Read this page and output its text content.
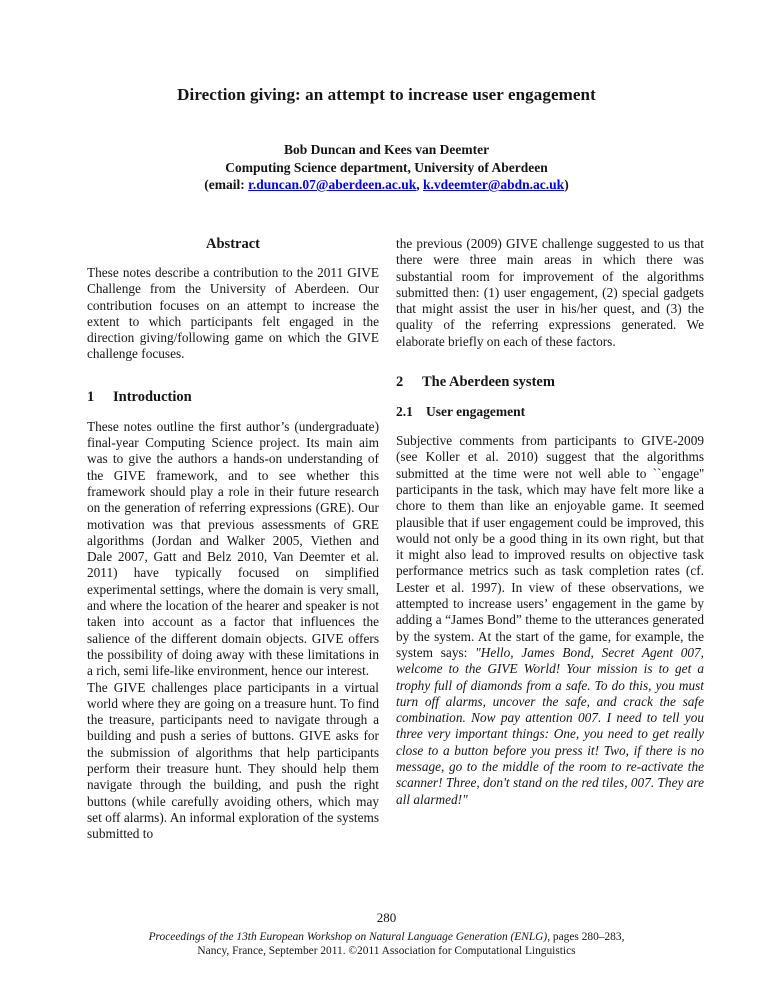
Direction giving: an attempt to increase user engagement
Bob Duncan and Kees van Deemter
Computing Science department, University of Aberdeen
(email: r.duncan.07@aberdeen.ac.uk, k.vdeemter@abdn.ac.uk)
Abstract

These notes describe a contribution to the 2011 GIVE Challenge from the University of Aberdeen. Our contribution focuses on an attempt to increase the extent to which participants felt engaged in the direction giving/following game on which the GIVE challenge focuses.

1 Introduction

These notes outline the first author’s (undergraduate) final-year Computing Science project. Its main aim was to give the authors a hands-on understanding of the GIVE framework, and to see whether this framework should play a role in their future research on the generation of referring expressions (GRE). Our motivation was that previous assessments of GRE algorithms (Jordan and Walker 2005, Viethen and Dale 2007, Gatt and Belz 2010, Van Deemter et al. 2011) have typically focused on simplified experimental settings, where the domain is very small, and where the location of the hearer and speaker is not taken into account as a factor that influences the salience of the different domain objects. GIVE offers the possibility of doing away with these limitations in a rich, semi life-like environment, hence our interest.

The GIVE challenges place participants in a virtual world where they are going on a treasure hunt. To find the treasure, participants need to navigate through a building and push a series of buttons. GIVE asks for the submission of algorithms that help participants perform their treasure hunt. They should help them navigate through the building, and push the right buttons (while carefully avoiding others, which may set off alarms). An informal exploration of the systems submitted to

the previous (2009) GIVE challenge suggested to us that there were three main areas in which there was substantial room for improvement of the algorithms submitted then: (1) user engagement, (2) special gadgets that might assist the user in his/her quest, and (3) the quality of the referring expressions generated. We elaborate briefly on each of these factors.

2 The Aberdeen system
2.1 User engagement

Subjective comments from participants to GIVE-2009 (see Koller et al. 2010) suggest that the algorithms submitted at the time were not well able to ``engage'' participants in the task, which may have felt more like a chore to them than like an enjoyable game. It seemed plausible that if user engagement could be improved, this would not only be a good thing in its own right, but that it might also lead to improved results on objective task performance metrics such as task completion rates (cf. Lester et al. 1997). In view of these observations, we attempted to increase users’ engagement in the game by adding a “James Bond” theme to the utterances generated by the system. At the start of the game, for example, the system says: "Hello, James Bond, Secret Agent 007, welcome to the GIVE World! Your mission is to get a trophy full of diamonds from a safe. To do this, you must turn off alarms, uncover the safe, and crack the safe combination. Now pay attention 007. I need to tell you three very important things: One, you need to get really close to a button before you press it! Two, if there is no message, go to the middle of the room to re-activate the scanner! Three, don't stand on the red tiles, 007. They are all alarmed!"

280
Proceedings of the 13th European Workshop on Natural Language Generation (ENLG), pages 280–283,
Nancy, France, September 2011. ©2011 Association for Computational Linguistics
